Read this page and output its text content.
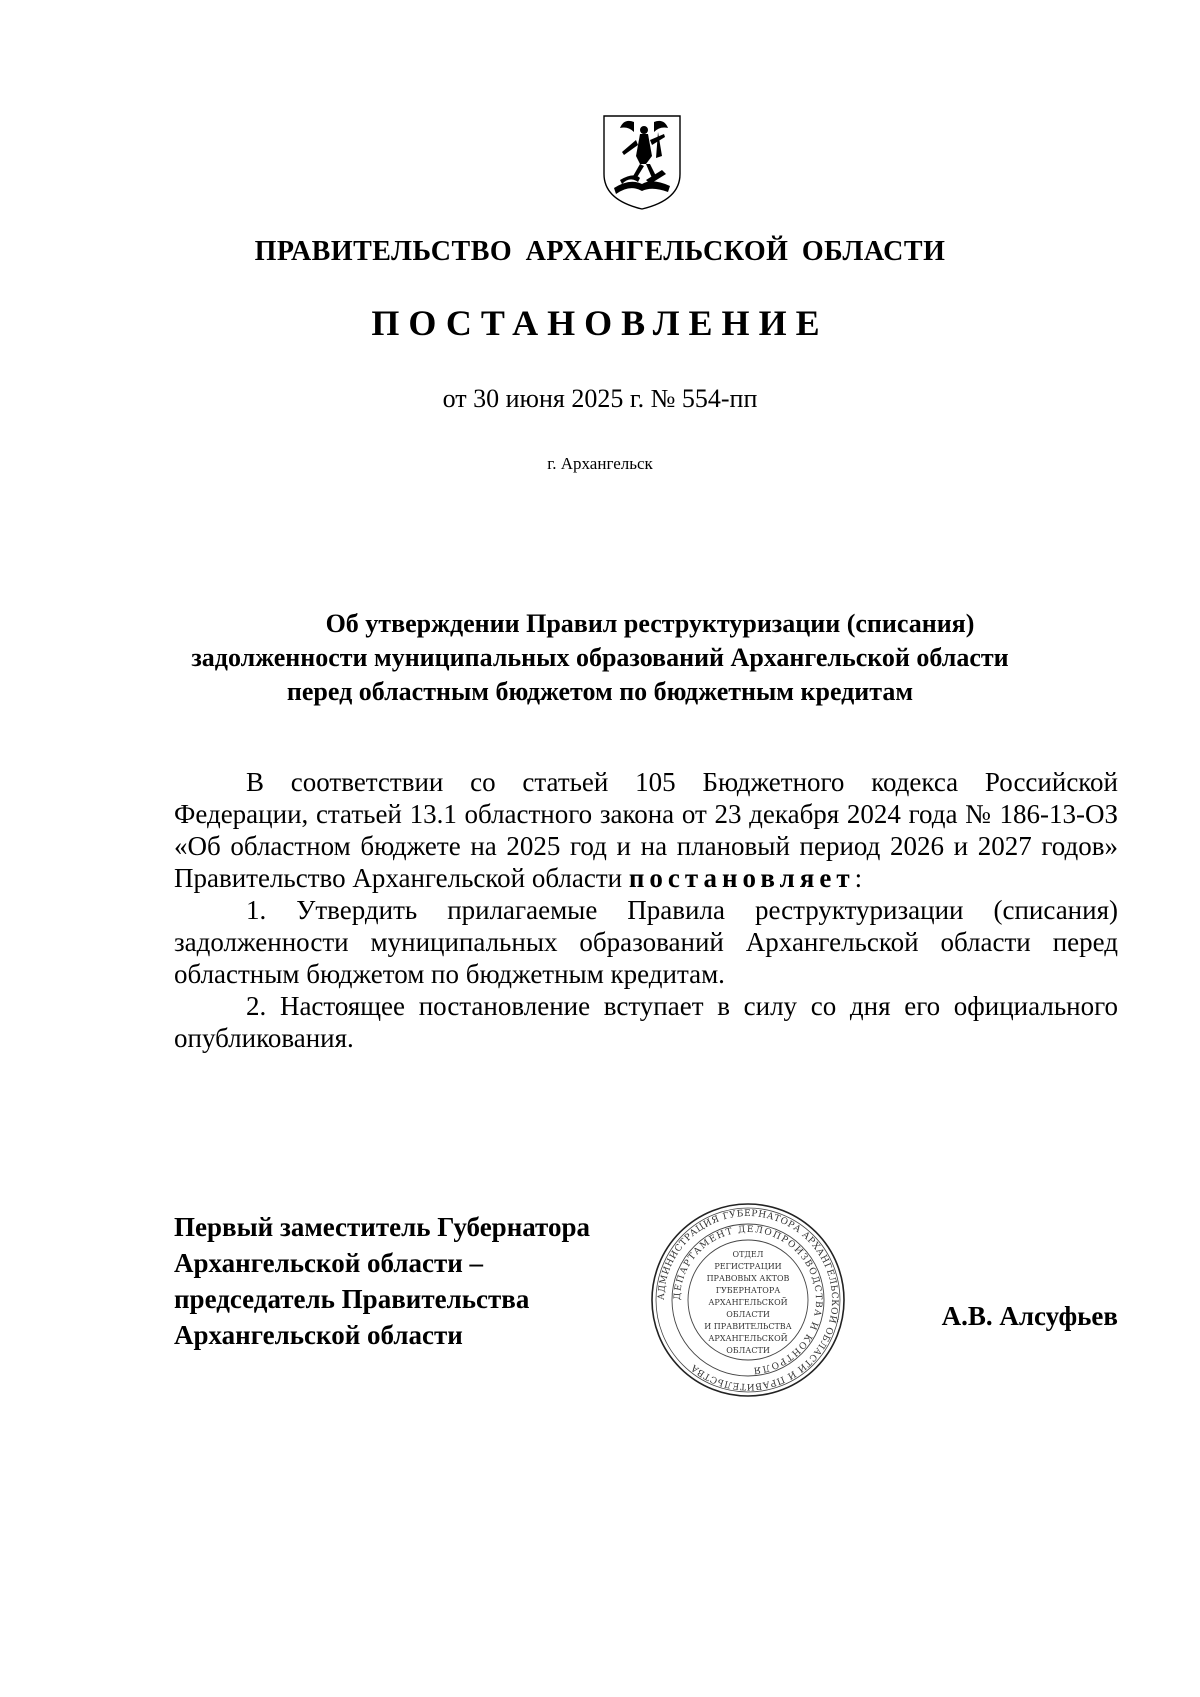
ПРАВИТЕЛЬСТВО АРХАНГЕЛЬСКОЙ ОБЛАСТИ
ПОСТАНОВЛЕНИЕ
от 30 июня 2025 г. № 554-пп
г. Архангельск
Об утверждении Правил реструктуризации (списания)
задолженности муниципальных образований Архангельской области
перед областным бюджетом по бюджетным кредитам

В соответствии со статьей 105 Бюджетного кодекса Российской Федерации, статьей 13.1 областного закона от 23 декабря 2024 года № 186-13-ОЗ «Об областном бюджете на 2025 год и на плановый период 2026 и 2027 годов» Правительство Архангельской области постановляет:

1. Утвердить прилагаемые Правила реструктуризации (списания) задолженности муниципальных образований Архангельской области перед областным бюджетом по бюджетным кредитам.

2. Настоящее постановление вступает в силу со дня его официального опубликования.

Первый заместитель Губернатора
Архангельской области –
председатель Правительства
Архангельской области
АДМИНИСТРАЦИЯ ГУБЕРНАТОРА АРХАНГЕЛЬСКОЙ ОБЛАСТИ И ПРАВИТЕЛЬСТВА
ДЕПАРТАМЕНТ ДЕЛОПРОИЗВОДСТВА И КОНТРОЛЯ
ОТДЕЛ
РЕГИСТРАЦИИ
ПРАВОВЫХ АКТОВ
ГУБЕРНАТОРА
АРХАНГЕЛЬСКОЙ
ОБЛАСТИ
И ПРАВИТЕЛЬСТВА
АРХАНГЕЛЬСКОЙ
ОБЛАСТИ
А.В. Алсуфьев
